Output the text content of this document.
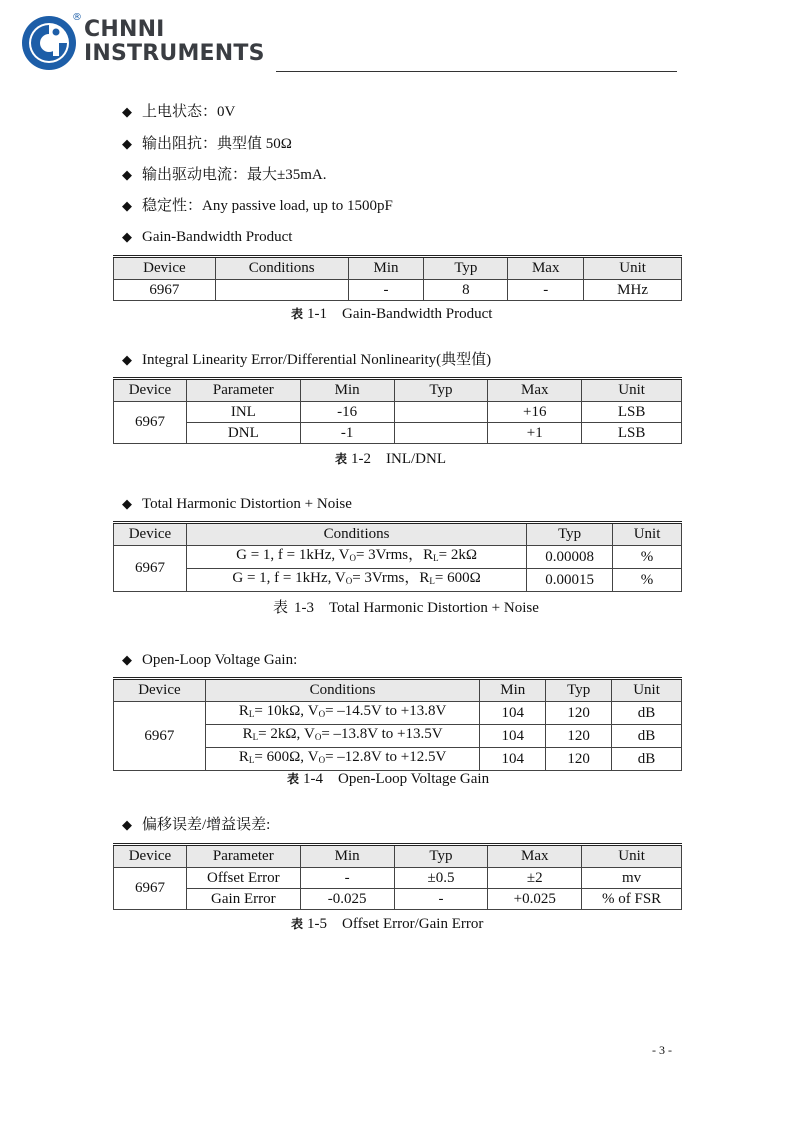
® CHNNI
INSTRUMENTS
◆ 上电状态：0V
◆ 输出阻抗：典型值 50Ω
◆ 输出驱动电流：最大±35mA.
◆ 稳定性：Any passive load, up to 1500pF
◆ Gain-Bandwidth Product
Device	Conditions	Min	Typ	Max	Unit
6967		-	8	-	MHz
表 1-1　Gain-Bandwidth Product
◆ Integral Linearity Error/Differential Nonlinearity(典型值)
Device	Parameter	Min	Typ	Max	Unit
6967	INL	-16		+16	LSB
	DNL	-1		+1	LSB
表 1-2　INL/DNL
◆ Total Harmonic Distortion + Noise
Device	Conditions	Typ	Unit
6967	G = 1, f = 1kHz, $V_O=$ 3Vrms，$R_L= 2k\Omega$	0.00008	%
	G = 1, f = 1kHz, $V_O=$ 3Vrms，$R_L= 600\Omega$	0.00015	%
表 1-3　Total Harmonic Distortion + Noise
◆ Open-Loop Voltage Gain:
Device	Conditions	Min	Typ	Unit
6967	$R_L= 10k\Omega$, $V_O= -14.5V$ to +13.8V	104	120	dB
	$R_L= 2k\Omega$, $V_O= -13.8V$ to +13.5V	104	120	dB
	$R_L= 600\Omega$, $V_O= -12.8V$ to +12.5V	104	120	dB
表 1-4　Open-Loop Voltage Gain
◆ 偏移误差/增益误差:
Device	Parameter	Min	Typ	Max	Unit
6967	Offset Error	-	±0.5	±2	mv
	Gain Error	-0.025	-	+0.025	% of FSR
表 1-5　Offset Error/Gain Error
- 3 -
